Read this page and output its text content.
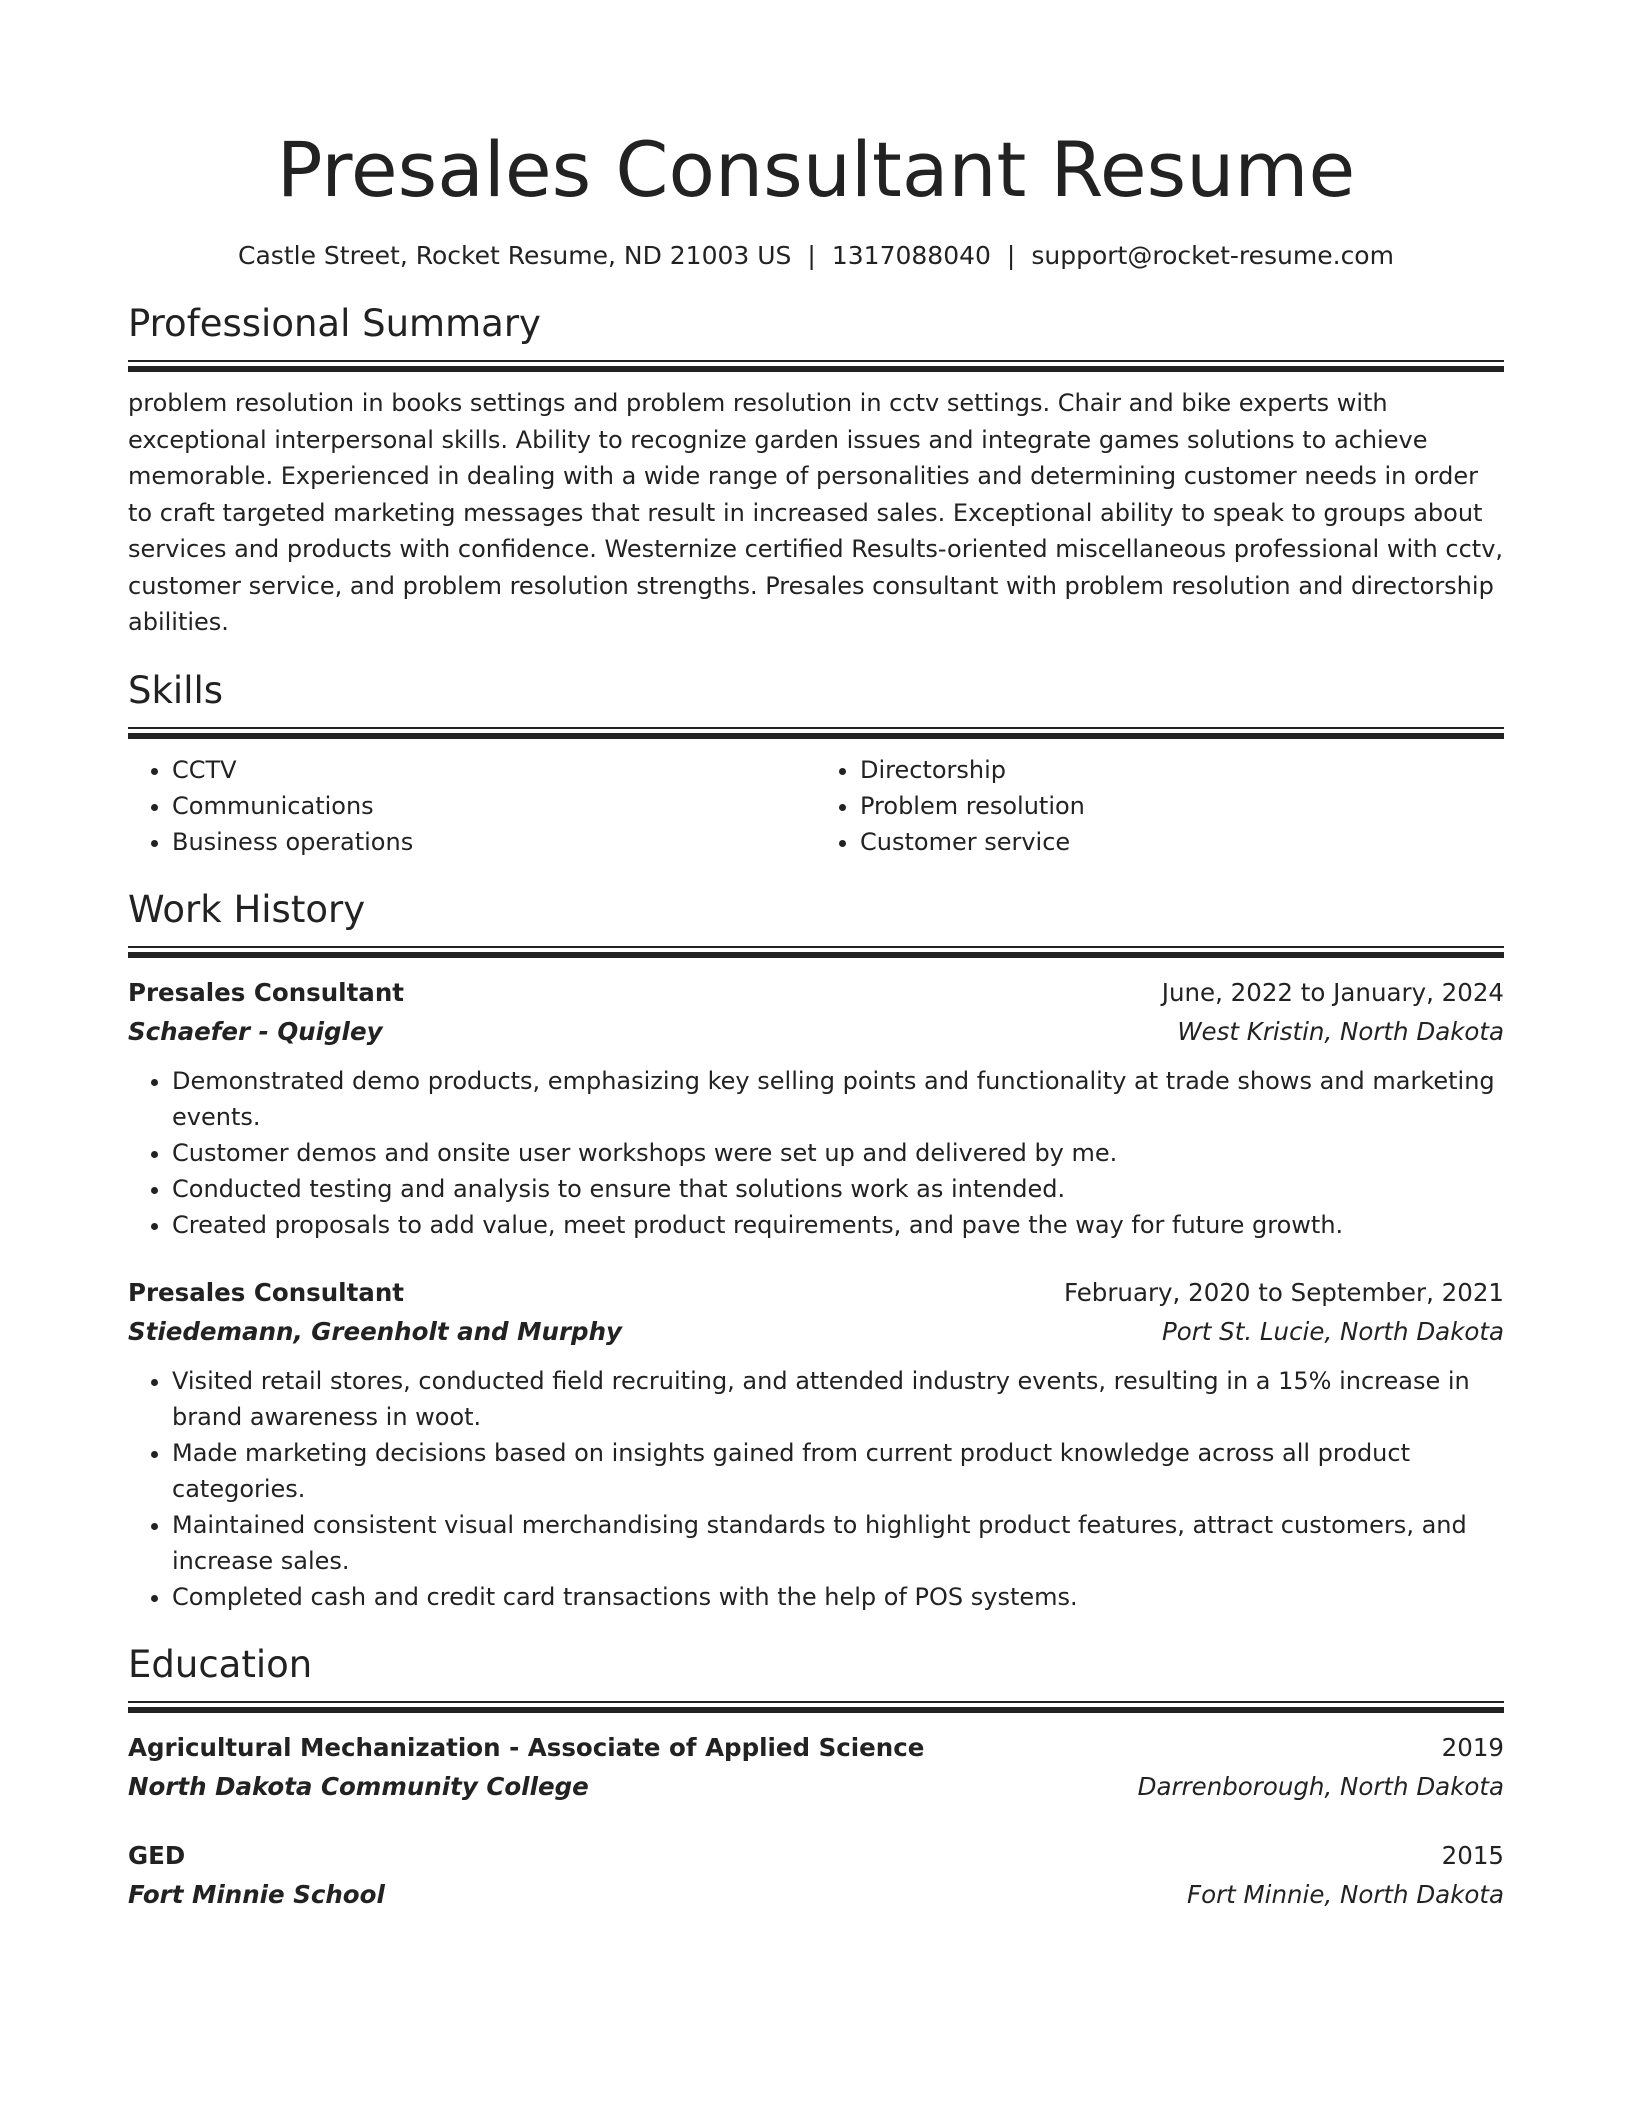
Presales Consultant Resume
Castle Street, Rocket Resume, ND 21003 US | 1317088040 | support@rocket-resume.com
Professional Summary
problem resolution in books settings and problem resolution in cctv settings. Chair and bike experts with exceptional interpersonal skills. Ability to recognize garden issues and integrate games solutions to achieve memorable. Experienced in dealing with a wide range of personalities and determining customer needs in order to craft targeted marketing messages that result in increased sales. Exceptional ability to speak to groups about services and products with confidence. Westernize certified Results-oriented miscellaneous professional with cctv, customer service, and problem resolution strengths. Presales consultant with problem resolution and directorship abilities.
Skills
• CCTV
• Communications
• Business operations
• Directorship
• Problem resolution
• Customer service
Work History
Presales Consultant	June, 2022 to January, 2024
Schaefer - Quigley	West Kristin, North Dakota
• Demonstrated demo products, emphasizing key selling points and functionality at trade shows and marketing events.
• Customer demos and onsite user workshops were set up and delivered by me.
• Conducted testing and analysis to ensure that solutions work as intended.
• Created proposals to add value, meet product requirements, and pave the way for future growth.
Presales Consultant	February, 2020 to September, 2021
Stiedemann, Greenholt and Murphy	Port St. Lucie, North Dakota
• Visited retail stores, conducted field recruiting, and attended industry events, resulting in a 15% increase in brand awareness in woot.
• Made marketing decisions based on insights gained from current product knowledge across all product categories.
• Maintained consistent visual merchandising standards to highlight product features, attract customers, and increase sales.
• Completed cash and credit card transactions with the help of POS systems.
Education
Agricultural Mechanization - Associate of Applied Science	2019
North Dakota Community College	Darrenborough, North Dakota
GED	2015
Fort Minnie School	Fort Minnie, North Dakota
